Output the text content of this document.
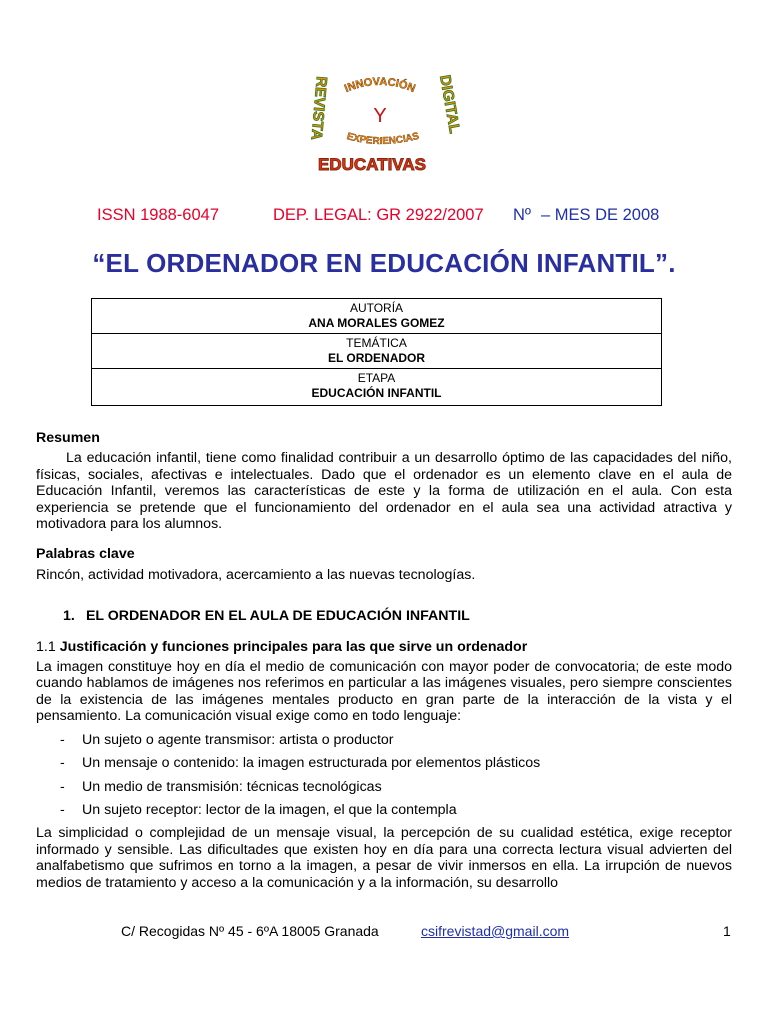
REVISTA	DIGITAL
INNOVACIÓN
Y
EXPERIENCIAS
EDUCATIVAS
ISSN 1988-6047	DEP. LEGAL: GR 2922/2007 Nº – MES DE 2008
“EL ORDENADOR EN EDUCACIÓN INFANTIL”.
AUTORÍA
ANA MORALES GOMEZ
TEMÁTICA
EL ORDENADOR
ETAPA
EDUCACIÓN INFANTIL

Resumen

La educación infantil, tiene como finalidad contribuir a un desarrollo óptimo de las capacidades del niño, físicas, sociales, afectivas e intelectuales. Dado que el ordenador es un elemento clave en el aula de Educación Infantil, veremos las características de este y la forma de utilización en el aula. Con esta experiencia se pretende que el funcionamiento del ordenador en el aula sea una actividad atractiva y motivadora para los alumnos.

Palabras clave

Rincón, actividad motivadora, acercamiento a las nuevas tecnologías.

1. EL ORDENADOR EN EL AULA DE EDUCACIÓN INFANTIL

1.1 Justificación y funciones principales para las que sirve un ordenador

La imagen constituye hoy en día el medio de comunicación con mayor poder de convocatoria; de este modo cuando hablamos de imágenes nos referimos en particular a las imágenes visuales, pero siempre conscientes de la existencia de las imágenes mentales producto en gran parte de la interacción de la vista y el pensamiento. La comunicación visual exige como en todo lenguaje:

- Un sujeto o agente transmisor: artista o productor
- Un mensaje o contenido: la imagen estructurada por elementos plásticos
- Un medio de transmisión: técnicas tecnológicas
- Un sujeto receptor: lector de la imagen, el que la contempla

La simplicidad o complejidad de un mensaje visual, la percepción de su cualidad estética, exige receptor informado y sensible. Las dificultades que existen hoy en día para una correcta lectura visual advierten del analfabetismo que sufrimos en torno a la imagen, a pesar de vivir inmersos en ella. La irrupción de nuevos medios de tratamiento y acceso a la comunicación y a la información, su desarrollo

C/ Recogidas Nº 45 - 6ºA 18005 Granada	csifrevistad@gmail.com	1
